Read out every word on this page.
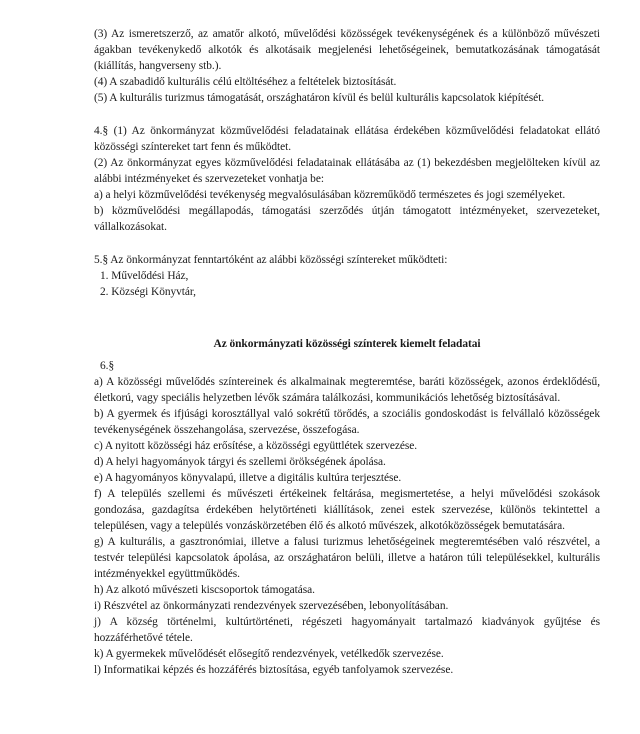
(3) Az ismeretszerző, az amatőr alkotó, művelődési közösségek tevékenységének és a különböző művészeti ágakban tevékenykedő alkotók és alkotásaik megjelenési lehetőségeinek, bemutatkozásának támogatását (kiállítás, hangverseny stb.).

(4) A szabadidő kulturális célú eltöltéséhez a feltételek biztosítását.

(5) A kulturális turizmus támogatását, országhatáron kívül és belül kulturális kapcsolatok kiépítését.

4.§ (1) Az önkormányzat közművelődési feladatainak ellátása érdekében közművelődési feladatokat ellátó közösségi színtereket tart fenn és működtet.

(2) Az önkormányzat egyes közművelődési feladatainak ellátásába az (1) bekezdésben megjelölteken kívül az alábbi intézményeket és szervezeteket vonhatja be:

a) a helyi közművelődési tevékenység megvalósulásában közreműködő természetes és jogi személyeket.

b) közművelődési megállapodás, támogatási szerződés útján támogatott intézményeket, szervezeteket, vállalkozásokat.

5.§ Az önkormányzat fenntartóként az alábbi közösségi színtereket működteti:

1. Művelődési Ház,

2. Községi Könyvtár,

Az önkormányzati közösségi színterek kiemelt feladatai

6.§

a) A közösségi művelődés színtereinek és alkalmainak megteremtése, baráti közösségek, azonos érdeklődésű, életkorú, vagy speciális helyzetben lévők számára találkozási, kommunikációs lehetőség biztosításával.

b) A gyermek és ifjúsági korosztállyal való sokrétű törődés, a szociális gondoskodást is felvállaló közösségek tevékenységének összehangolása, szervezése, összefogása.

c) A nyitott közösségi ház erősítése, a közösségi együttlétek szervezése.

d) A helyi hagyományok tárgyi és szellemi örökségének ápolása.

e) A hagyományos könyvalapú, illetve a digitális kultúra terjesztése.

f) A település szellemi és művészeti értékeinek feltárása, megismertetése, a helyi művelődési szokások gondozása, gazdagítsa érdekében helytörténeti kiállítások, zenei estek szervezése, különös tekintettel a településen, vagy a település vonzáskörzetében élő és alkotó művészek, alkotóközösségek bemutatására.

g) A kulturális, a gasztronómiai, illetve a falusi turizmus lehetőségeinek megteremtésében való részvétel, a testvér települési kapcsolatok ápolása, az országhatáron belüli, illetve a határon túli településekkel, kulturális intézményekkel együttműködés.

h) Az alkotó művészeti kiscsoportok támogatása.

i) Részvétel az önkormányzati rendezvények szervezésében, lebonyolításában.

j) A község történelmi, kultúrtörténeti, régészeti hagyományait tartalmazó kiadványok gyűjtése és hozzáférhetővé tétele.

k) A gyermekek művelődését elősegítő rendezvények, vetélkedők szervezése.

l) Informatikai képzés és hozzáférés biztosítása, egyéb tanfolyamok szervezése.
